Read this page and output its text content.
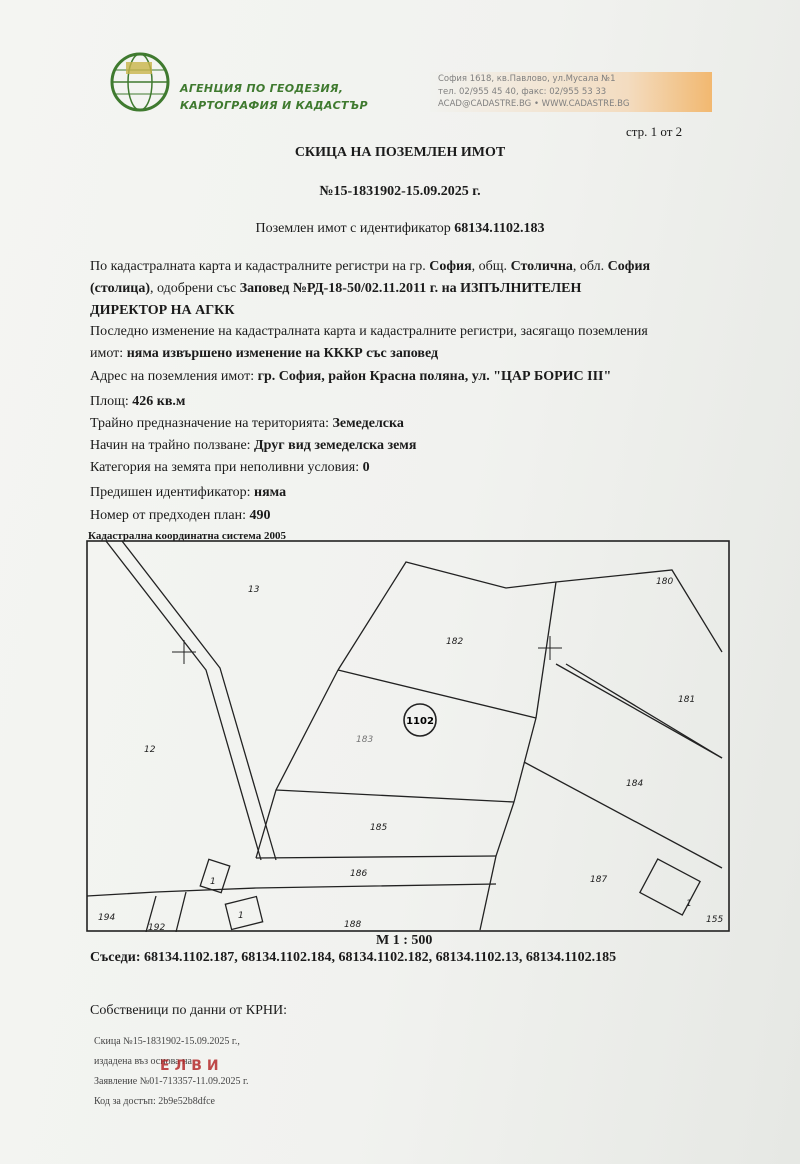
АГЕНЦИЯ ПО ГЕОДЕЗИЯ,
КАРТОГРАФИЯ И КАДАСТЪР
София 1618, кв.Павлово, ул.Мусала №1
тел. 02/955 45 40, факс: 02/955 53 33
ACAD@CADASTRE.BG • WWW.CADASTRE.BG
стр. 1 от 2
СКИЦА НА ПОЗЕМЛЕН ИМОТ
№15-1831902-15.09.2025 г.
Поземлен имот с идентификатор 68134.1102.183
По кадастралната карта и кадастралните регистри на гр. София, общ. Столична, обл. София
(столица), одобрени със Заповед №РД-18-50/02.11.2011 г. на ИЗПЪЛНИТЕЛЕН
ДИРЕКТОР НА АГКК
Последно изменение на кадастралната карта и кадастралните регистри, засягащо поземления
имот: няма извършено изменение на КККР със заповед
Адрес на поземления имот: гр. София, район Красна поляна, ул. "ЦАР БОРИС III"
Площ: 426 кв.м
Трайно предназначение на територията: Земеделска
Начин на трайно ползване: Друг вид земеделска земя
Категория на земята при неполивни условия: 0
Предишен идентификатор: няма
Номер от предходен план: 490
Кадастрална координатна система 2005
1102
13
182
180
181
12
183
184
185
186
187
194
192	188	155
1
1
1
М 1 : 500
Съседи: 68134.1102.187, 68134.1102.184, 68134.1102.182, 68134.1102.13, 68134.1102.185
Собственици по данни от КРНИ:
Скица №15-1831902-15.09.2025 г.,
издадена въз основа на
Заявление №01-713357-11.09.2025 г.
Код за достъп: 2b9e52b8dfce
ЕЛВИ
